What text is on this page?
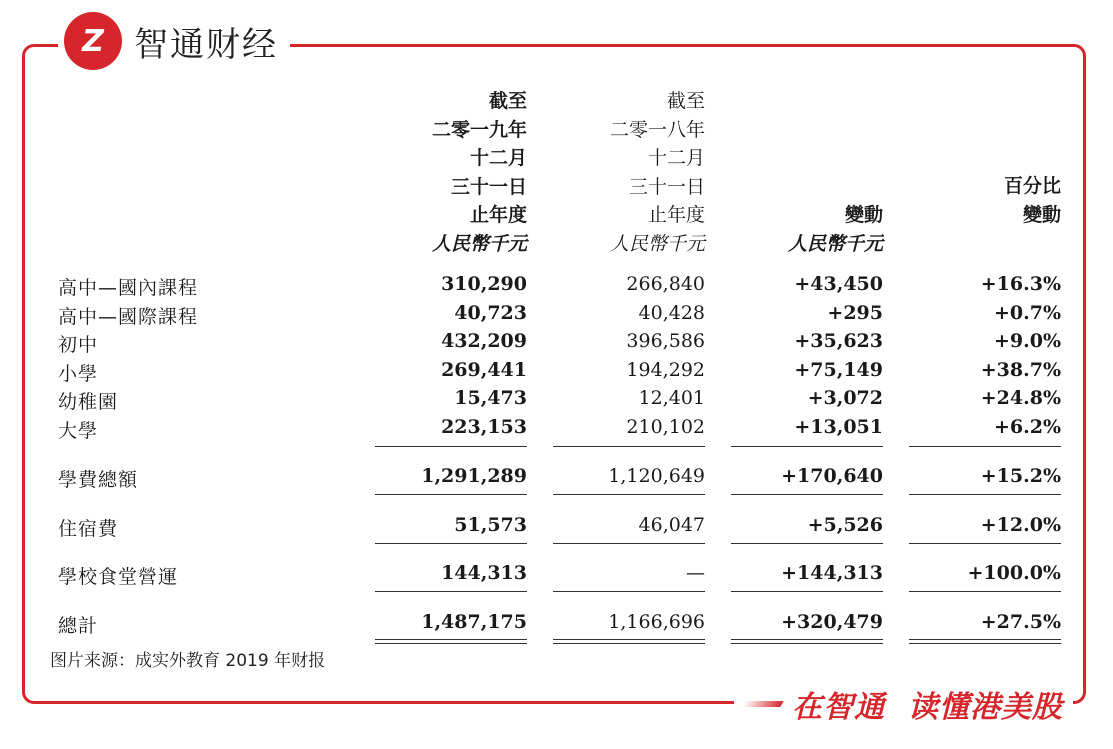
Z 智通财经
截至
二零一九年
十二月
三十一日
止年度
人民幣千元
截至
二零一八年
十二月
三十一日
止年度
人民幣千元
變動
人民幣千元
百分比
變動
高中—國內課程	310,290	266,840	+43,450	+16.3%
高中—國際課程	40,723	40,428	+295	+0.7%
初中	432,209	396,586	+35,623	+9.0%
小學	269,441	194,292	+75,149	+38.7%
幼稚園	15,473	12,401	+3,072	+24.8%
大學	223,153	210,102	+13,051	+6.2%
學費總額	1,291,289	1,120,649	+170,640	+15.2%
住宿費	51,573	46,047	+5,526	+12.0%
學校食堂營運	144,313	—	+144,313	+100.0%
總計	1,487,175	1,166,696	+320,479	+27.5%
图片来源：成实外教育 2019 年财报
在智通  读懂港美股
